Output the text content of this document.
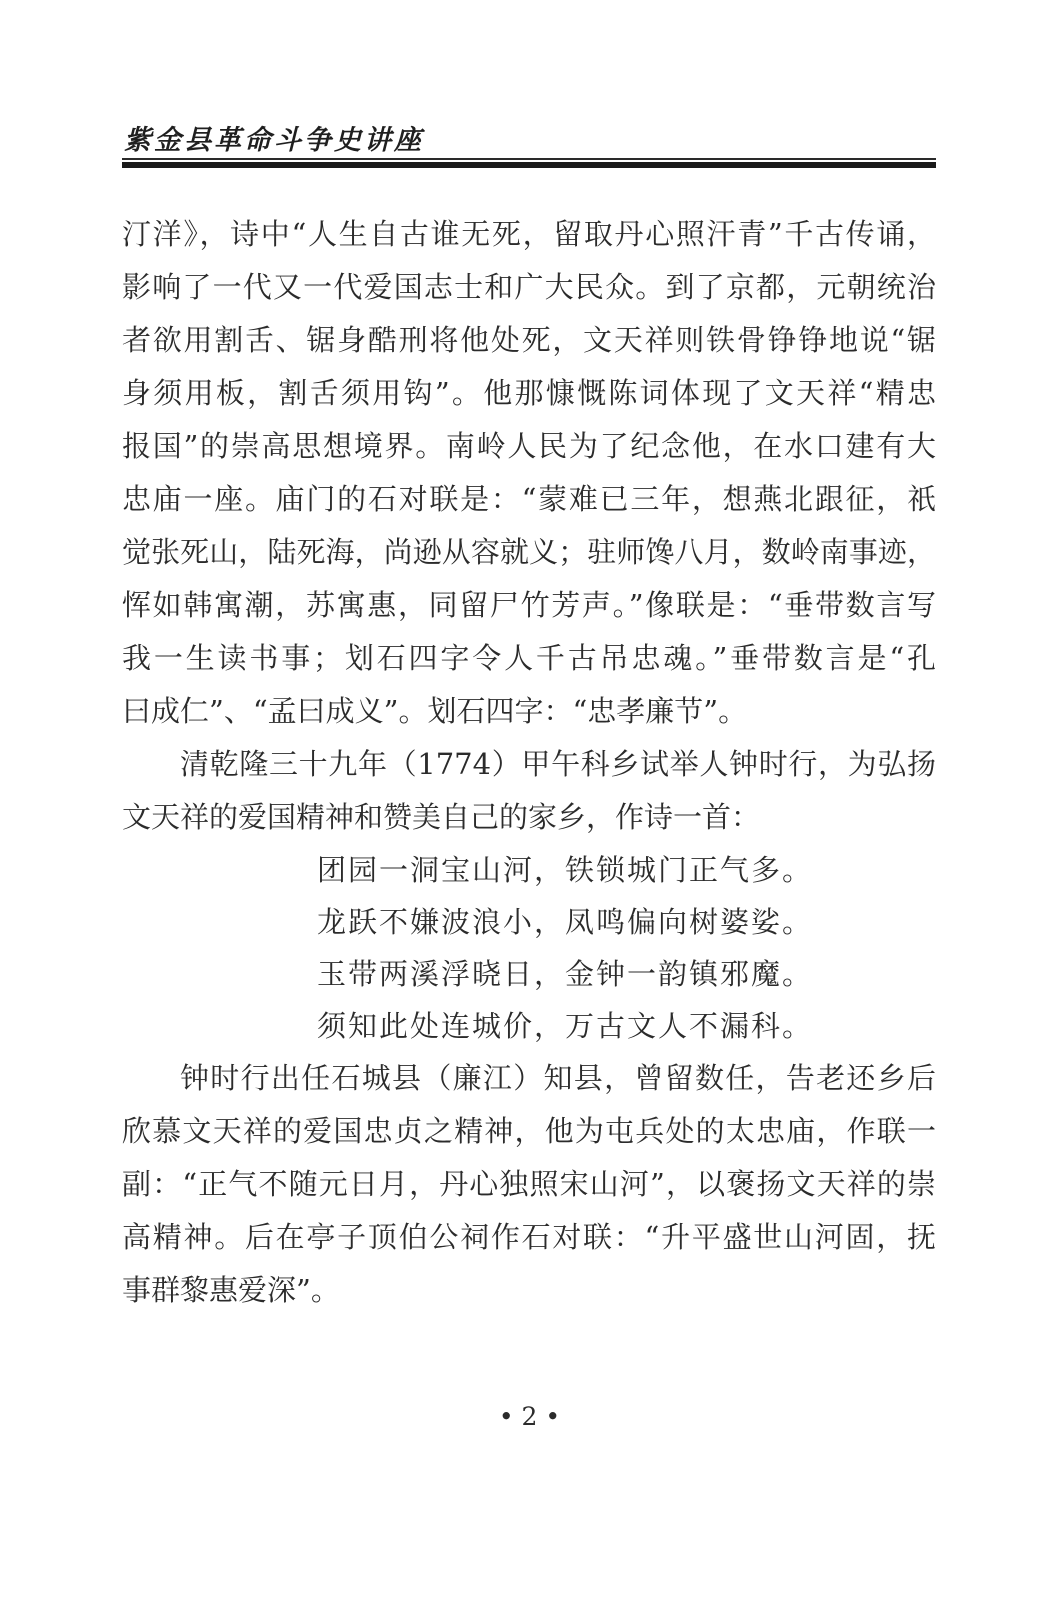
紫金县革命斗争史讲座
汀洋》，诗中“人生自古谁无死，留取丹心照汗青”千古传诵，
影响了一代又一代爱国志士和广大民众。到了京都，元朝统治
者欲用割舌、锯身酷刑将他处死，文天祥则铁骨铮铮地说“锯
身须用板，割舌须用钩”。他那慷慨陈词体现了文天祥“精忠
报国”的崇高思想境界。南岭人民为了纪念他，在水口建有大
忠庙一座。庙门的石对联是：“蒙难已三年，想燕北跟征，祇
觉张死山，陆死海，尚逊从容就义；驻师馋八月，数岭南事迹，
恽如韩寓潮，苏寓惠，同留尸竹芳声。”像联是：“垂带数言写
我一生读书事；划石四字令人千古吊忠魂。”垂带数言是“孔
曰成仁”、“孟曰成义”。划石四字：“忠孝廉节”。
清乾隆三十九年（1774）甲午科乡试举人钟时行，为弘扬
文天祥的爱国精神和赞美自己的家乡，作诗一首：
团园一洞宝山河，铁锁城门正气多。
龙跃不嫌波浪小，凤鸣偏向树婆娑。
玉带两溪浮晓日，金钟一韵镇邪魔。
须知此处连城价，万古文人不漏科。
钟时行出任石城县（廉江）知县，曾留数任，告老还乡后
欣慕文天祥的爱国忠贞之精神，他为屯兵处的太忠庙，作联一
副：“正气不随元日月，丹心独照宋山河”，以褒扬文天祥的崇
高精神。后在亭子顶伯公祠作石对联：“升平盛世山河固，抚
事群黎惠爱深”。
• 2 •
